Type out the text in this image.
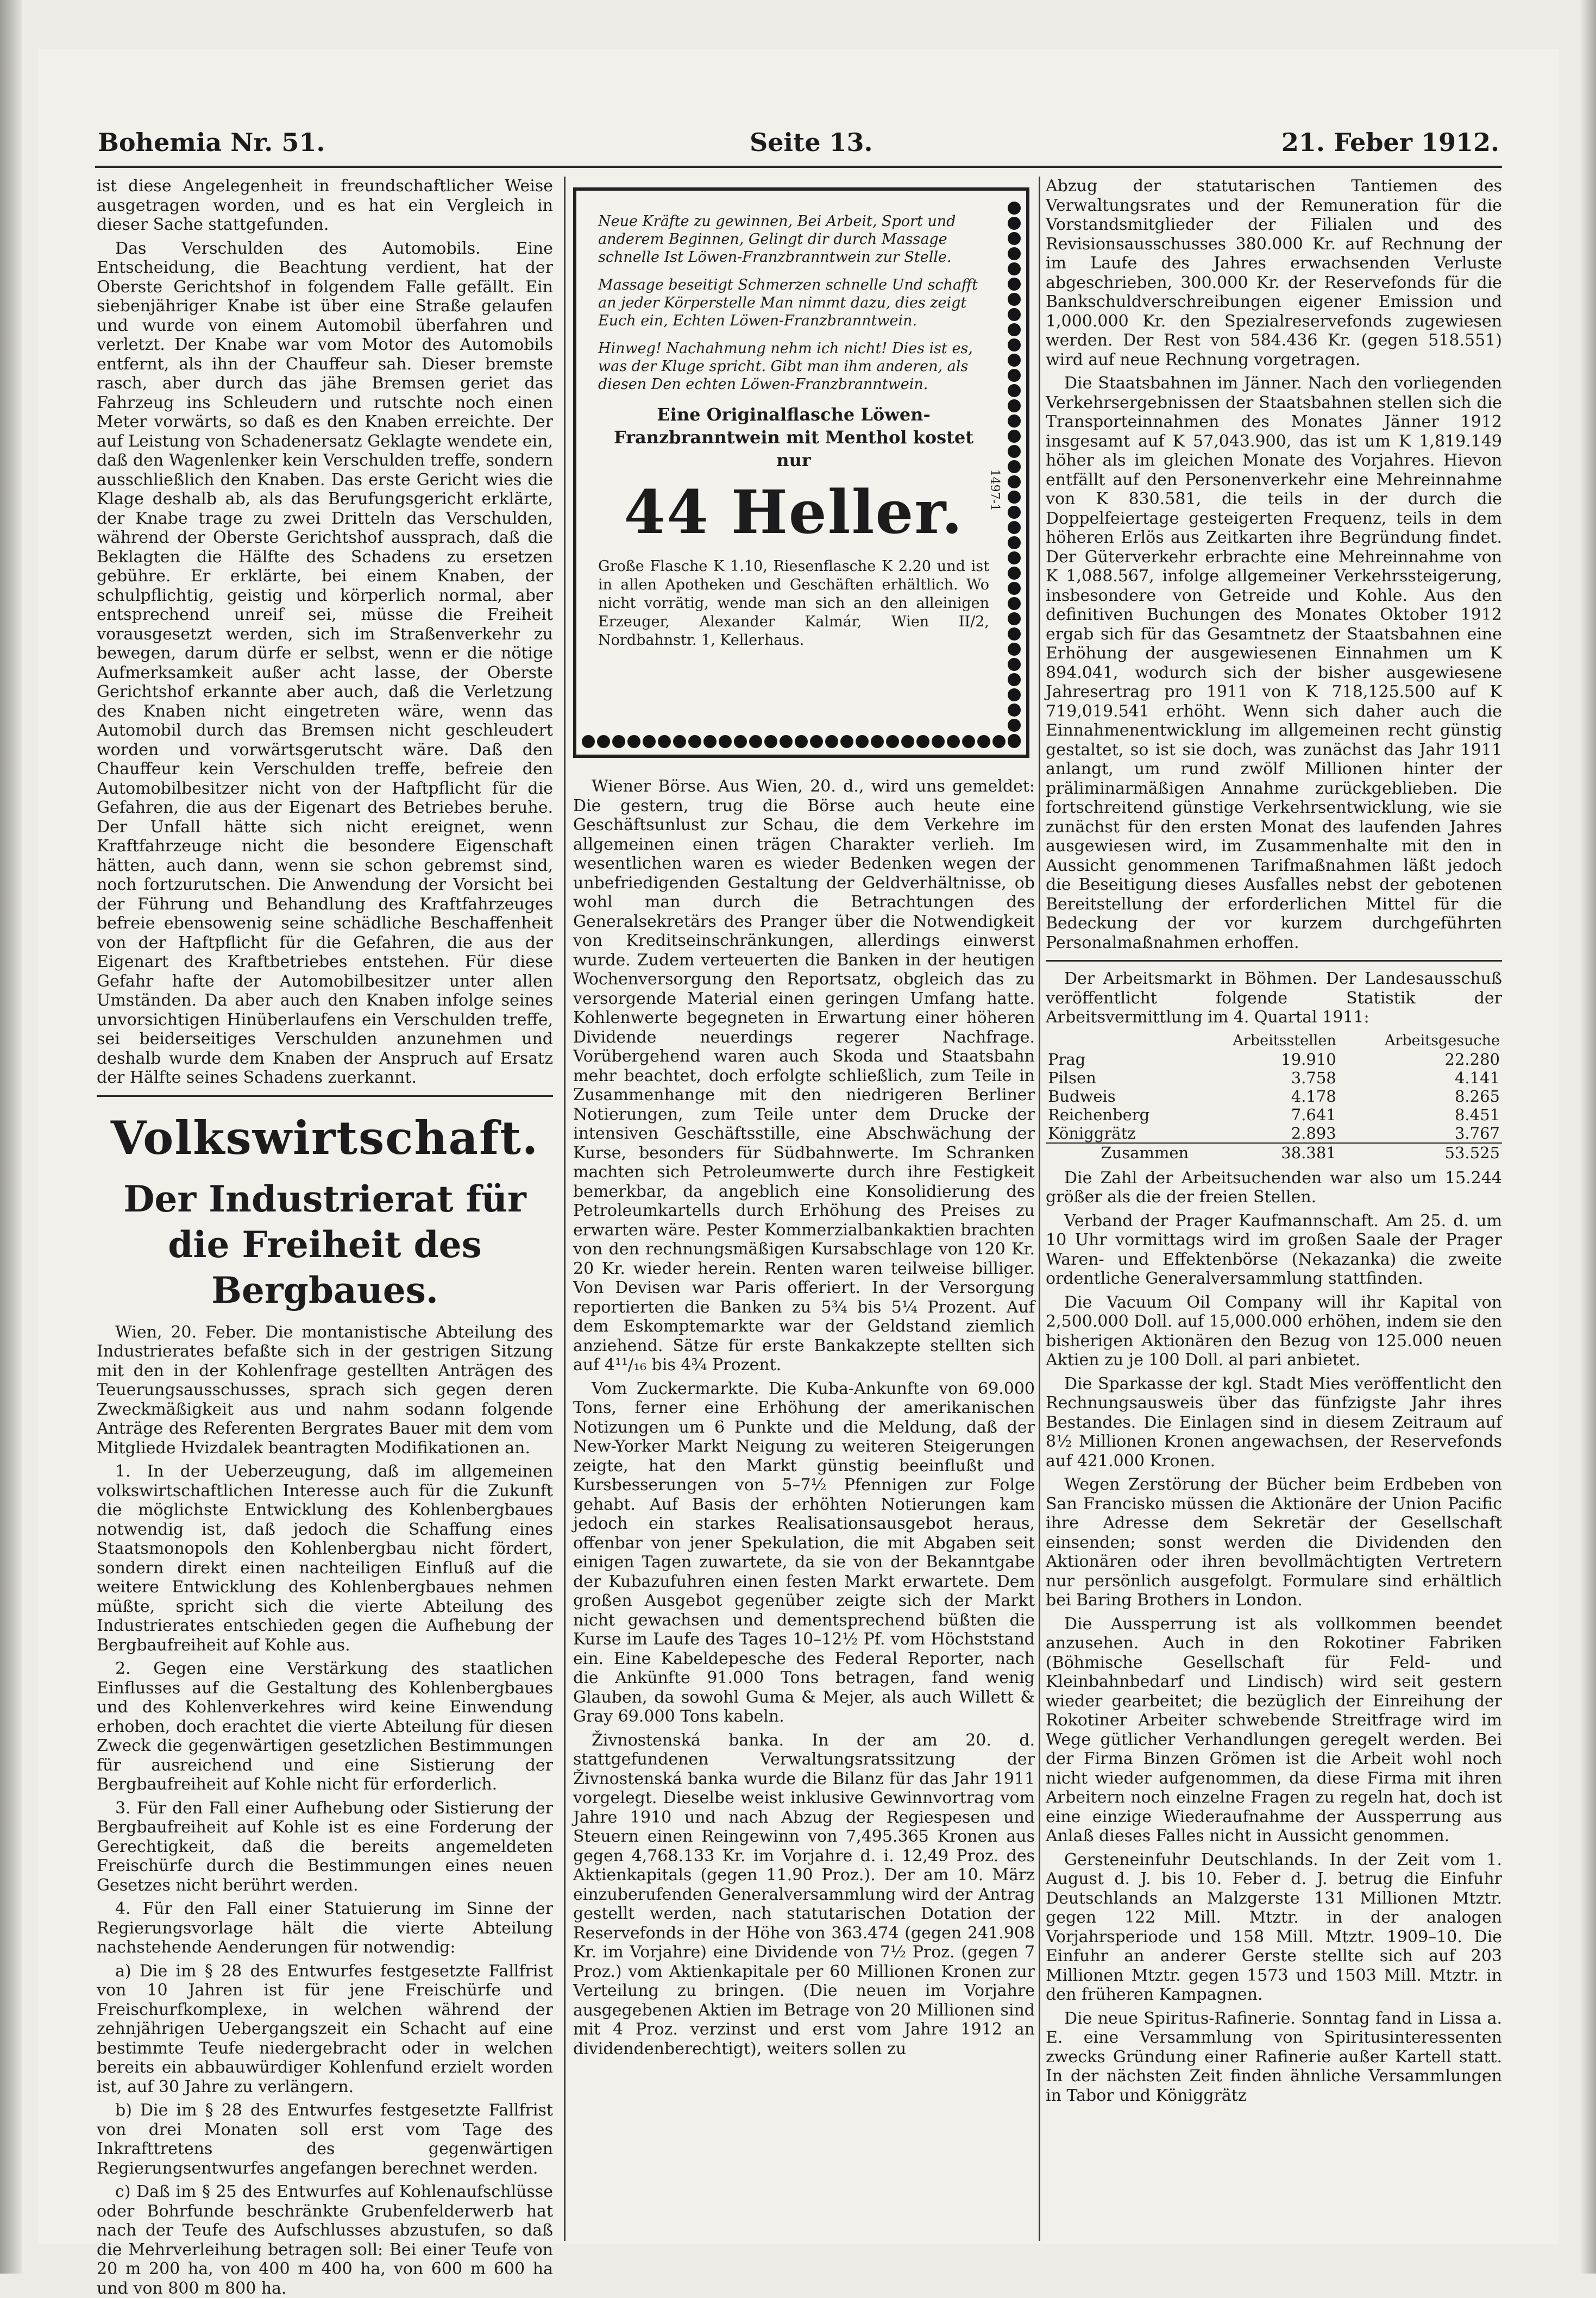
Bohemia Nr. 51.	Seite 13.	21. Feber 1912.

ist diese Angelegenheit in freundschaftlicher Weise ausgetragen worden, und es hat ein Vergleich in dieser Sache stattgefunden.

Das Verschulden des Automobils. Eine Entscheidung, die Beachtung verdient, hat der Oberste Gerichtshof in folgendem Falle gefällt. Ein siebenjähriger Knabe ist über eine Straße gelaufen und wurde von einem Automobil überfahren und verletzt. Der Knabe war vom Motor des Automobils entfernt, als ihn der Chauffeur sah. Dieser bremste rasch, aber durch das jähe Bremsen geriet das Fahrzeug ins Schleudern und rutschte noch einen Meter vorwärts, so daß es den Knaben erreichte. Der auf Leistung von Schadenersatz Geklagte wendete ein, daß den Wagenlenker kein Verschulden treffe, sondern ausschließlich den Knaben. Das erste Gericht wies die Klage deshalb ab, als das Berufungsgericht erklärte, der Knabe trage zu zwei Dritteln das Verschulden, während der Oberste Gerichtshof aussprach, daß die Beklagten die Hälfte des Schadens zu ersetzen gebühre. Er erklärte, bei einem Knaben, der schulpflichtig, geistig und körperlich normal, aber entsprechend unreif sei, müsse die Freiheit vorausgesetzt werden, sich im Straßenverkehr zu bewegen, darum dürfe er selbst, wenn er die nötige Aufmerksamkeit außer acht lasse, der Oberste Gerichtshof erkannte aber auch, daß die Verletzung des Knaben nicht eingetreten wäre, wenn das Automobil durch das Bremsen nicht geschleudert worden und vorwärtsgerutscht wäre. Daß den Chauffeur kein Verschulden treffe, befreie den Automobilbesitzer nicht von der Haftpflicht für die Gefahren, die aus der Eigenart des Betriebes beruhe. Der Unfall hätte sich nicht ereignet, wenn Kraftfahrzeuge nicht die besondere Eigenschaft hätten, auch dann, wenn sie schon gebremst sind, noch fortzurutschen. Die Anwendung der Vorsicht bei der Führung und Behandlung des Kraftfahrzeuges befreie ebensowenig seine schädliche Beschaffenheit von der Haftpflicht für die Gefahren, die aus der Eigenart des Kraftbetriebes entstehen. Für diese Gefahr hafte der Automobilbesitzer unter allen Umständen. Da aber auch den Knaben infolge seines unvorsichtigen Hinüberlaufens ein Verschulden treffe, sei beiderseitiges Verschulden anzunehmen und deshalb wurde dem Knaben der Anspruch auf Ersatz der Hälfte seines Schadens zuerkannt.

Volkswirtschaft.
Der Industrierat für die Freiheit des Bergbaues.

Wien, 20. Feber. Die montanistische Abteilung des Industrierates befaßte sich in der gestrigen Sitzung mit den in der Kohlenfrage gestellten Anträgen des Teuerungsausschusses, sprach sich gegen deren Zweckmäßigkeit aus und nahm sodann folgende Anträge des Referenten Bergrates Bauer mit dem vom Mitgliede Hvizdalek beantragten Modifikationen an.

1. In der Ueberzeugung, daß im allgemeinen volkswirtschaftlichen Interesse auch für die Zukunft die möglichste Entwicklung des Kohlenbergbaues notwendig ist, daß jedoch die Schaffung eines Staatsmonopols den Kohlenbergbau nicht fördert, sondern direkt einen nachteiligen Einfluß auf die weitere Entwicklung des Kohlenbergbaues nehmen müßte, spricht sich die vierte Abteilung des Industrierates entschieden gegen die Aufhebung der Bergbaufreiheit auf Kohle aus.

2. Gegen eine Verstärkung des staatlichen Einflusses auf die Gestaltung des Kohlenbergbaues und des Kohlenverkehres wird keine Einwendung erhoben, doch erachtet die vierte Abteilung für diesen Zweck die gegenwärtigen gesetzlichen Bestimmungen für ausreichend und eine Sistierung der Bergbaufreiheit auf Kohle nicht für erforderlich.

3. Für den Fall einer Aufhebung oder Sistierung der Bergbaufreiheit auf Kohle ist es eine Forderung der Gerechtigkeit, daß die bereits angemeldeten Freischürfe durch die Bestimmungen eines neuen Gesetzes nicht berührt werden.

4. Für den Fall einer Statuierung im Sinne der Regierungsvorlage hält die vierte Abteilung nachstehende Aenderungen für notwendig:

a) Die im § 28 des Entwurfes festgesetzte Fallfrist von 10 Jahren ist für jene Freischürfe und Freischurfkomplexe, in welchen während der zehnjährigen Uebergangszeit ein Schacht auf eine bestimmte Teufe niedergebracht oder in welchen bereits ein abbauwürdiger Kohlenfund erzielt worden ist, auf 30 Jahre zu verlängern.

b) Die im § 28 des Entwurfes festgesetzte Fallfrist von drei Monaten soll erst vom Tage des Inkrafttretens des gegenwärtigen Regierungsentwurfes angefangen berechnet werden.

c) Daß im § 25 des Entwurfes auf Kohlenaufschlüsse oder Bohrfunde beschränkte Grubenfelderwerb hat nach der Teufe des Aufschlusses abzustufen, so daß die Mehrverleihung betragen soll: Bei einer Teufe von 20 m 200 ha, von 400 m 400 ha, von 600 m 600 ha und von 800 m 800 ha.

Neue Kräfte zu gewinnen, Bei Arbeit, Sport und anderem Beginnen, Gelingt dir durch Massage schnelle Ist Löwen-Franzbranntwein zur Stelle.
Massage beseitigt Schmerzen schnelle Und schafft an jeder Körperstelle Man nimmt dazu, dies zeigt Euch ein, Echten Löwen-Franzbranntwein.
Hinweg! Nachahmung nehm ich nicht! Dies ist es, was der Kluge spricht. Gibt man ihm anderen, als diesen Den echten Löwen-Franzbranntwein.
Eine Originalflasche Löwen-Franzbranntwein mit Menthol kostet nur
44 Heller.
Große Flasche K 1.10, Riesenflasche K 2.20 und ist in allen Apotheken und Geschäften erhältlich. Wo nicht vorrätig, wende man sich an den alleinigen Erzeuger, Alexander Kalmár, Wien II/2, Nordbahnstr. 1, Kellerhaus.
1497-1

Wiener Börse. Aus Wien, 20. d., wird uns gemeldet: Die gestern, trug die Börse auch heute eine Geschäftsunlust zur Schau, die dem Verkehre im allgemeinen einen trägen Charakter verlieh. Im wesentlichen waren es wieder Bedenken wegen der unbefriedigenden Gestaltung der Geldverhältnisse, ob wohl man durch die Betrachtungen des Generalsekretärs des Pranger über die Notwendigkeit von Kreditseinschränkungen, allerdings einwerst wurde. Zudem verteuerten die Banken in der heutigen Wochenversorgung den Reportsatz, obgleich das zu versorgende Material einen geringen Umfang hatte. Kohlenwerte begegneten in Erwartung einer höheren Dividende neuerdings regerer Nachfrage. Vorübergehend waren auch Skoda und Staatsbahn mehr beachtet, doch erfolgte schließlich, zum Teile in Zusammenhange mit den niedrigeren Berliner Notierungen, zum Teile unter dem Drucke der intensiven Geschäftsstille, eine Abschwächung der Kurse, besonders für Südbahnwerte. Im Schranken machten sich Petroleumwerte durch ihre Festigkeit bemerkbar, da angeblich eine Konsolidierung des Petroleumkartells durch Erhöhung des Preises zu erwarten wäre. Pester Kommerzialbankaktien brachten von den rechnungsmäßigen Kursabschlage von 120 Kr. 20 Kr. wieder herein. Renten waren teilweise billiger. Von Devisen war Paris offeriert. In der Versorgung reportierten die Banken zu 5¾ bis 5¼ Prozent. Auf dem Eskomptemarkte war der Geldstand ziemlich anziehend. Sätze für erste Bankakzepte stellten sich auf 4¹¹/₁₆ bis 4¾ Prozent.

Vom Zuckermarkte. Die Kuba-Ankunfte von 69.000 Tons, ferner eine Erhöhung der amerikanischen Notizungen um 6 Punkte und die Meldung, daß der New-Yorker Markt Neigung zu weiteren Steigerungen zeigte, hat den Markt günstig beeinflußt und Kursbesserungen von 5–7½ Pfennigen zur Folge gehabt. Auf Basis der erhöhten Notierungen kam jedoch ein starkes Realisationsausgebot heraus, offenbar von jener Spekulation, die mit Abgaben seit einigen Tagen zuwartete, da sie von der Bekanntgabe der Kubazufuhren einen festen Markt erwartete. Dem großen Ausgebot gegenüber zeigte sich der Markt nicht gewachsen und dementsprechend büßten die Kurse im Laufe des Tages 10–12½ Pf. vom Höchststand ein. Eine Kabeldepesche des Federal Reporter, nach die Ankünfte 91.000 Tons betragen, fand wenig Glauben, da sowohl Guma & Mejer, als auch Willett & Gray 69.000 Tons kabeln.

Živnostenská banka. In der am 20. d. stattgefundenen Verwaltungsratssitzung der Živnostenská banka wurde die Bilanz für das Jahr 1911 vorgelegt. Dieselbe weist inklusive Gewinnvortrag vom Jahre 1910 und nach Abzug der Regiespesen und Steuern einen Reingewinn von 7,495.365 Kronen aus gegen 4,768.133 Kr. im Vorjahre d. i. 12,49 Proz. des Aktienkapitals (gegen 11.90 Proz.). Der am 10. März einzuberufenden Generalversammlung wird der Antrag gestellt werden, nach statutarischen Dotation der Reservefonds in der Höhe von 363.474 (gegen 241.908 Kr. im Vorjahre) eine Dividende von 7½ Proz. (gegen 7 Proz.) vom Aktienkapitale per 60 Millionen Kronen zur Verteilung zu bringen. (Die neuen im Vorjahre ausgegebenen Aktien im Betrage von 20 Millionen sind mit 4 Proz. verzinst und erst vom Jahre 1912 an dividendenberechtigt), weiters sollen zu

Abzug der statutarischen Tantiemen des Verwaltungsrates und der Remuneration für die Vorstandsmitglieder der Filialen und des Revisionsausschusses 380.000 Kr. auf Rechnung der im Laufe des Jahres erwachsenden Verluste abgeschrieben, 300.000 Kr. der Reservefonds für die Bankschuldverschreibungen eigener Emission und 1,000.000 Kr. den Spezialreservefonds zugewiesen werden. Der Rest von 584.436 Kr. (gegen 518.551) wird auf neue Rechnung vorgetragen.

Die Staatsbahnen im Jänner. Nach den vorliegenden Verkehrsergebnissen der Staatsbahnen stellen sich die Transporteinnahmen des Monates Jänner 1912 insgesamt auf K 57,043.900, das ist um K 1,819.149 höher als im gleichen Monate des Vorjahres. Hievon entfällt auf den Personenverkehr eine Mehreinnahme von K 830.581, die teils in der durch die Doppelfeiertage gesteigerten Frequenz, teils in dem höheren Erlös aus Zeitkarten ihre Begründung findet. Der Güterverkehr erbrachte eine Mehreinnahme von K 1,088.567, infolge allgemeiner Verkehrssteigerung, insbesondere von Getreide und Kohle. Aus den definitiven Buchungen des Monates Oktober 1912 ergab sich für das Gesamtnetz der Staatsbahnen eine Erhöhung der ausgewiesenen Einnahmen um K 894.041, wodurch sich der bisher ausgewiesene Jahresertrag pro 1911 von K 718,125.500 auf K 719,019.541 erhöht. Wenn sich daher auch die Einnahmenentwicklung im allgemeinen recht günstig gestaltet, so ist sie doch, was zunächst das Jahr 1911 anlangt, um rund zwölf Millionen hinter der präliminarmäßigen Annahme zurückgeblieben. Die fortschreitend günstige Verkehrsentwicklung, wie sie zunächst für den ersten Monat des laufenden Jahres ausgewiesen wird, im Zusammenhalte mit den in Aussicht genommenen Tarifmaßnahmen läßt jedoch die Beseitigung dieses Ausfalles nebst der gebotenen Bereitstellung der erforderlichen Mittel für die Bedeckung der vor kurzem durchgeführten Personalmaßnahmen erhoffen.

Der Arbeitsmarkt in Böhmen. Der Landesausschuß veröffentlicht folgende Statistik der Arbeitsvermittlung im 4. Quartal 1911:

	Arbeitsstellen	Arbeitsgesuche
Prag	19.910	22.280
Pilsen	3.758	4.141
Budweis	4.178	8.265
Reichenberg	7.641	8.451
Königgrätz	2.893	3.767
Zusammen	38.381	53.525

Die Zahl der Arbeitsuchenden war also um 15.244 größer als die der freien Stellen.

Verband der Prager Kaufmannschaft. Am 25. d. um 10 Uhr vormittags wird im großen Saale der Prager Waren- und Effektenbörse (Nekazanka) die zweite ordentliche Generalversammlung stattfinden.

Die Vacuum Oil Company will ihr Kapital von 2,500.000 Doll. auf 15,000.000 erhöhen, indem sie den bisherigen Aktionären den Bezug von 125.000 neuen Aktien zu je 100 Doll. al pari anbietet.

Die Sparkasse der kgl. Stadt Mies veröffentlicht den Rechnungsausweis über das fünfzigste Jahr ihres Bestandes. Die Einlagen sind in diesem Zeitraum auf 8½ Millionen Kronen angewachsen, der Reservefonds auf 421.000 Kronen.

Wegen Zerstörung der Bücher beim Erdbeben von San Francisko müssen die Aktionäre der Union Pacific ihre Adresse dem Sekretär der Gesellschaft einsenden; sonst werden die Dividenden den Aktionären oder ihren bevollmächtigten Vertretern nur persönlich ausgefolgt. Formulare sind erhältlich bei Baring Brothers in London.

Die Aussperrung ist als vollkommen beendet anzusehen. Auch in den Rokotiner Fabriken (Böhmische Gesellschaft für Feld- und Kleinbahnbedarf und Lindisch) wird seit gestern wieder gearbeitet; die bezüglich der Einreihung der Rokotiner Arbeiter schwebende Streitfrage wird im Wege gütlicher Verhandlungen geregelt werden. Bei der Firma Binzen Grömen ist die Arbeit wohl noch nicht wieder aufgenommen, da diese Firma mit ihren Arbeitern noch einzelne Fragen zu regeln hat, doch ist eine einzige Wiederaufnahme der Aussperrung aus Anlaß dieses Falles nicht in Aussicht genommen.

Gersteneinfuhr Deutschlands. In der Zeit vom 1. August d. J. bis 10. Feber d. J. betrug die Einfuhr Deutschlands an Malzgerste 131 Millionen Mtztr. gegen 122 Mill. Mtztr. in der analogen Vorjahrsperiode und 158 Mill. Mtztr. 1909–10. Die Einfuhr an anderer Gerste stellte sich auf 203 Millionen Mtztr. gegen 1573 und 1503 Mill. Mtztr. in den früheren Kampagnen.

Die neue Spiritus-Rafinerie. Sonntag fand in Lissa a. E. eine Versammlung von Spiritusinteressenten zwecks Gründung einer Rafinerie außer Kartell statt. In der nächsten Zeit finden ähnliche Versammlungen in Tabor und Königgrätz
